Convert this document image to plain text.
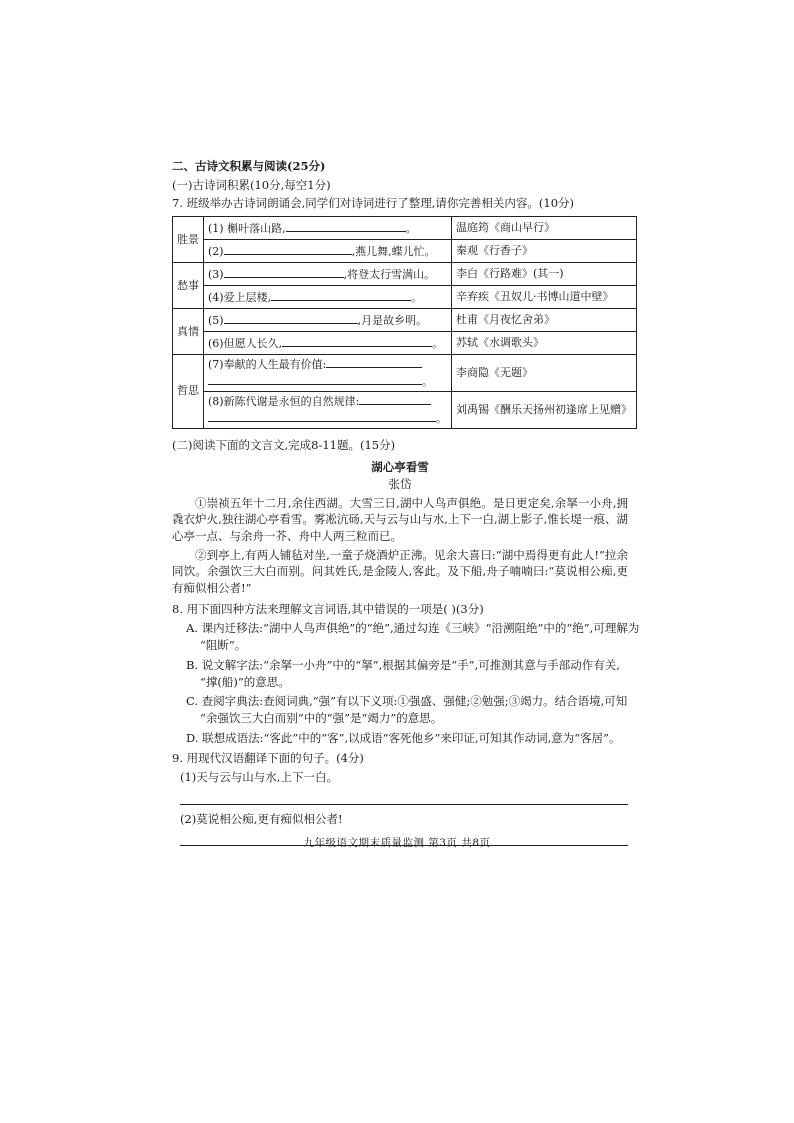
二、古诗文积累与阅读(25分)
(一)古诗词积累(10分,每空1分)
7. 班级举办古诗词朗诵会,同学们对诗词进行了整理,请你完善相关内容。(10分)
胜景	(1) 槲叶落山路, 。	温庭筠《商山早行》
	(2) ,燕儿舞,蝶儿忙。	秦观《行香子》
愁事	(3) ,将登太行雪满山。	李白《行路难》(其一)
	(4)爱上层楼, 。	辛弃疾《丑奴儿·书博山道中壁》
真情	(5) ,月是故乡明。	杜甫《月夜忆舍弟》
	(6)但愿人长久, 。	苏轼《水调歌头》
哲思	(7)奉献的人生最有价值:
。	李商隐《无题》
	(8)新陈代谢是永恒的自然规律:
。	刘禹锡《酬乐天扬州初逢席上见赠》
(二)阅读下面的文言文,完成8-11题。(15分)
湖心亭看雪
张岱

①崇祯五年十二月,余住西湖。大雪三日,湖中人鸟声俱绝。是日更定矣,余拏一小舟,拥毳衣炉火,独往湖心亭看雪。雾凇沆砀,天与云与山与水,上下一白,湖上影子,惟长堤一痕、湖心亭一点、与余舟一芥、舟中人两三粒而已。

②到亭上,有两人铺毡对坐,一童子烧酒炉正沸。见余大喜曰:“湖中焉得更有此人!”拉余同饮。余强饮三大白而别。问其姓氏,是金陵人,客此。及下船,舟子喃喃曰:“莫说相公痴,更有痴似相公者!”

8. 用下面四种方法来理解文言词语,其中错误的一项是( )(3分)
A. 课内迁移法:“湖中人鸟声俱绝”的“绝”,通过勾连《三峡》“沿溯阻绝”中的“绝”,可理解为
“阻断”。
B. 说文解字法:“余拏一小舟”中的“拏”,根据其偏旁是“手”,可推测其意与手部动作有关,
“撑(船)”的意思。
C. 查阅字典法:查阅词典,“强”有以下义项:①强盛、强健;②勉强;③竭力。结合语境,可知
“余强饮三大白而别”中的“强”是“竭力”的意思。
D. 联想成语法:“客此”中的“客”,以成语“客死他乡”来印证,可知其作动词,意为“客居”。
9. 用现代汉语翻译下面的句子。(4分)
(1)天与云与山与水,上下一白。
(2)莫说相公痴,更有痴似相公者!
九年级语文期末质量监测 第3页 共8页
